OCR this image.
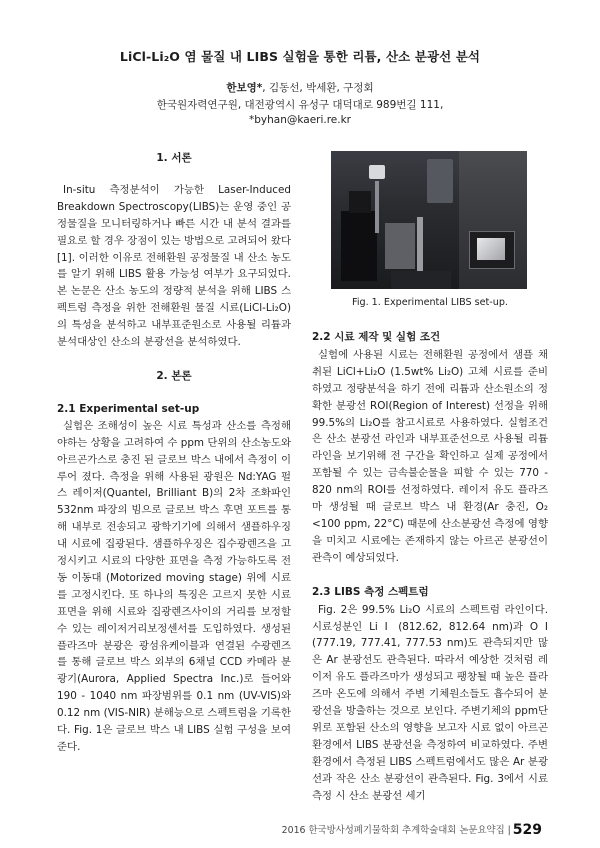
LiCl-Li₂O 염 물질 내 LIBS 실험을 통한 리튬, 산소 분광선 분석
한보영*, 김동선, 박세환, 구정회
한국원자력연구원, 대전광역시 유성구 대덕대로 989번길 111,
*byhan@kaeri.re.kr
1. 서론

In-situ 측정분석이 가능한 Laser-Induced Breakdown Spectroscopy(LIBS)는 운영 중인 공정물질을 모니터링하거나 빠른 시간 내 분석 결과를 필요로 할 경우 장점이 있는 방법으로 고려되어 왔다 [1]. 이러한 이유로 전해환원 공정물질 내 산소 농도를 알기 위해 LIBS 활용 가능성 여부가 요구되었다. 본 논문은 산소 농도의 정량적 분석을 위해 LIBS 스펙트럼 측정을 위한 전해환원 물질 시료(LiCl-Li₂O)의 특성을 분석하고 내부표준원소로 사용될 리튬과 분석대상인 산소의 분광선을 분석하였다.

2. 본론
2.1 Experimental set-up

실험은 조해성이 높은 시료 특성과 산소를 측정해야하는 상황을 고려하여 수 ppm 단위의 산소농도와 아르곤가스로 충진 된 글로브 박스 내에서 측정이 이루어 졌다. 측정을 위해 사용된 광원은 Nd:YAG 펄스 레이저(Quantel, Brilliant B)의 2차 조화파인 532nm 파장의 빔으로 글로브 박스 후면 포트를 통해 내부로 전송되고 광학기기에 의해서 샘플하우징 내 시료에 집광된다. 샘플하우징은 집수광렌즈을 고정시키고 시료의 다양한 표면을 측정 가능하도록 전동 이동대 (Motorized moving stage) 위에 시료를 고정시킨다. 또 하나의 특징은 고르지 못한 시료표면을 위해 시료와 집광렌즈사이의 거리를 보정할 수 있는 레이저거리보정센서를 도입하였다. 생성된 플라즈마 분광은 광섬유케이블과 연결된 수광렌즈를 통해 글로브 박스 외부의 6채널 CCD 카메라 분광기(Aurora, Applied Spectra Inc.)로 들어와 190 - 1040 nm 파장범위를 0.1 nm (UV-VIS)와 0.12 nm (VIS-NIR) 분해능으로 스펙트럼을 기록한다. Fig. 1은 글로브 박스 내 LIBS 실험 구성을 보여준다.

Fig. 1. Experimental LIBS set-up.
2.2 시료 제작 및 실험 조건

실험에 사용된 시료는 전해환원 공정에서 샘플 채취된 LiCl+Li₂O (1.5wt% Li₂O) 고체 시료를 준비하였고 정량분석을 하기 전에 리튬과 산소원소의 정확한 분광선 ROI(Region of Interest) 선정을 위해 99.5%의 Li₂O를 참고시료로 사용하였다. 실험조건은 산소 분광선 라인과 내부표준선으로 사용될 리튬 라인을 보기위해 전 구간을 확인하고 실제 공정에서 포함될 수 있는 금속불순물을 피할 수 있는 770 - 820 nm의 ROI를 선정하였다. 레이저 유도 플라즈마 생성될 때 글로브 박스 내 환경(Ar 충진, O₂ <100 ppm, 22°C) 때문에 산소분광선 측정에 영향을 미치고 시료에는 존재하지 않는 아르곤 분광선이 관측이 예상되었다.

2.3 LIBS 측정 스펙트럼

Fig. 2은 99.5% Li₂O 시료의 스펙트럼 라인이다. 시료성분인 Li Ⅰ (812.62, 812.64 nm)과 O Ⅰ (777.19, 777.41, 777.53 nm)도 관측되지만 많은 Ar 분광선도 관측된다. 따라서 예상한 것처럼 레이저 유도 플라즈마가 생성되고 팽창될 때 높은 플라즈마 온도에 의해서 주변 기체원소들도 흡수되어 분광선을 방출하는 것으로 보인다. 주변기체의 ppm단위로 포함된 산소의 영향을 보고자 시료 없이 아르곤 환경에서 LIBS 분광선을 측정하여 비교하였다. 주변 환경에서 측정된 LIBS 스펙트럼에서도 많은 Ar 분광선과 작은 산소 분광선이 관측된다. Fig. 3에서 시료 측정 시 산소 분광선 세기

2016 한국방사성폐기물학회 추계학술대회 논문요약집 | 529
